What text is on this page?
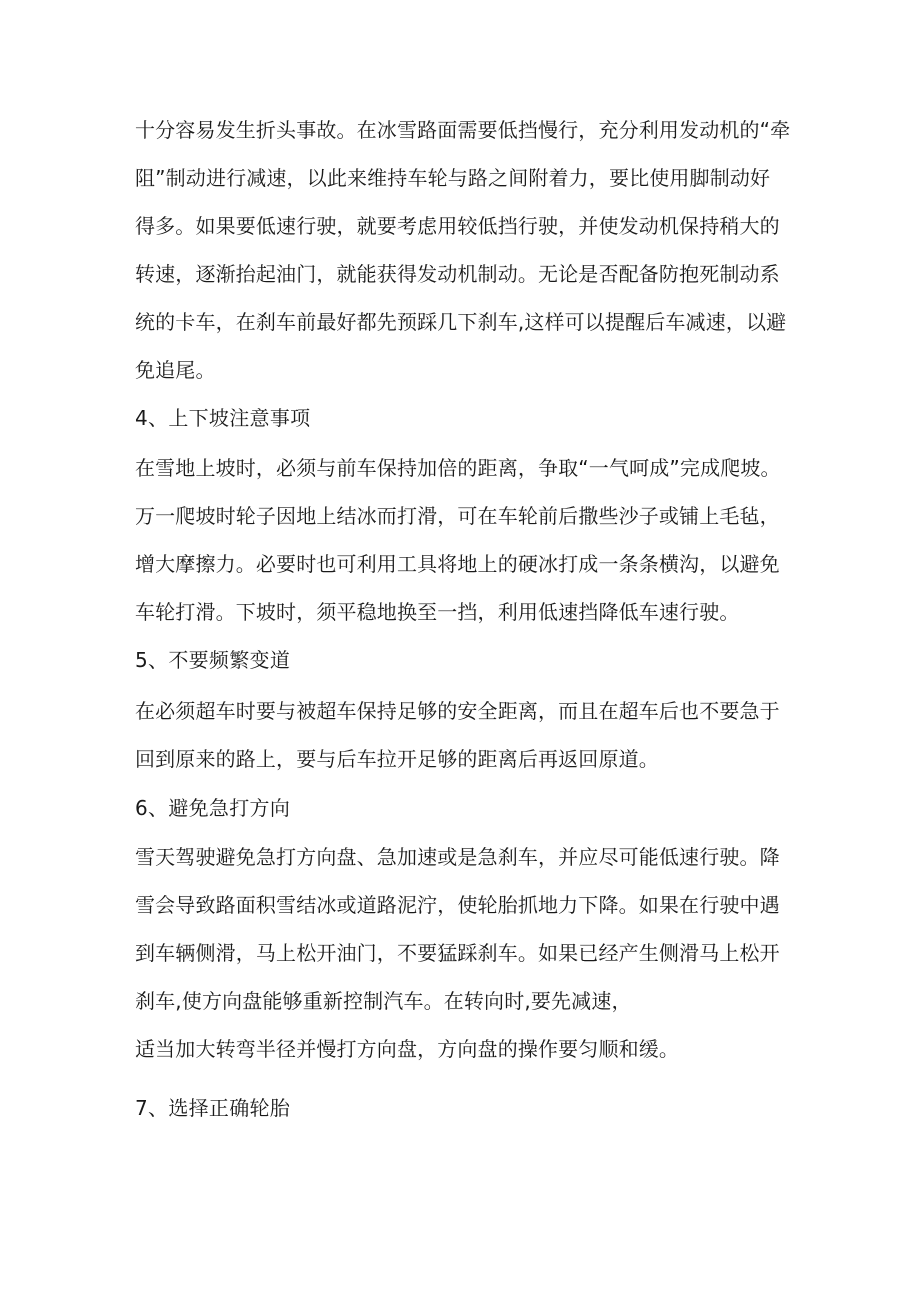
十分容易发生折头事故。在冰雪路面需要低挡慢行，充分利用发动机的“牵
阻”制动进行减速，以此来维持车轮与路之间附着力，要比使用脚制动好
得多。如果要低速行驶，就要考虑用较低挡行驶，并使发动机保持稍大的
转速，逐渐抬起油门，就能获得发动机制动。无论是否配备防抱死制动系
统的卡车，在刹车前最好都先预踩几下刹车,这样可以提醒后车减速，以避
免追尾。
4、上下坡注意事项
在雪地上坡时，必须与前车保持加倍的距离，争取“一气呵成”完成爬坡。
万一爬坡时轮子因地上结冰而打滑，可在车轮前后撒些沙子或铺上毛毡，
增大摩擦力。必要时也可利用工具将地上的硬冰打成一条条横沟，以避免
车轮打滑。下坡时，须平稳地换至一挡，利用低速挡降低车速行驶。
5、不要频繁变道
在必须超车时要与被超车保持足够的安全距离，而且在超车后也不要急于
回到原来的路上，要与后车拉开足够的距离后再返回原道。
6、避免急打方向
雪天驾驶避免急打方向盘、急加速或是急刹车，并应尽可能低速行驶。降
雪会导致路面积雪结冰或道路泥泞，使轮胎抓地力下降。如果在行驶中遇
到车辆侧滑，马上松开油门，不要猛踩刹车。如果已经产生侧滑马上松开
刹车,使方向盘能够重新控制汽车。在转向时,要先减速，
适当加大转弯半径并慢打方向盘，方向盘的操作要匀顺和缓。
7、选择正确轮胎
